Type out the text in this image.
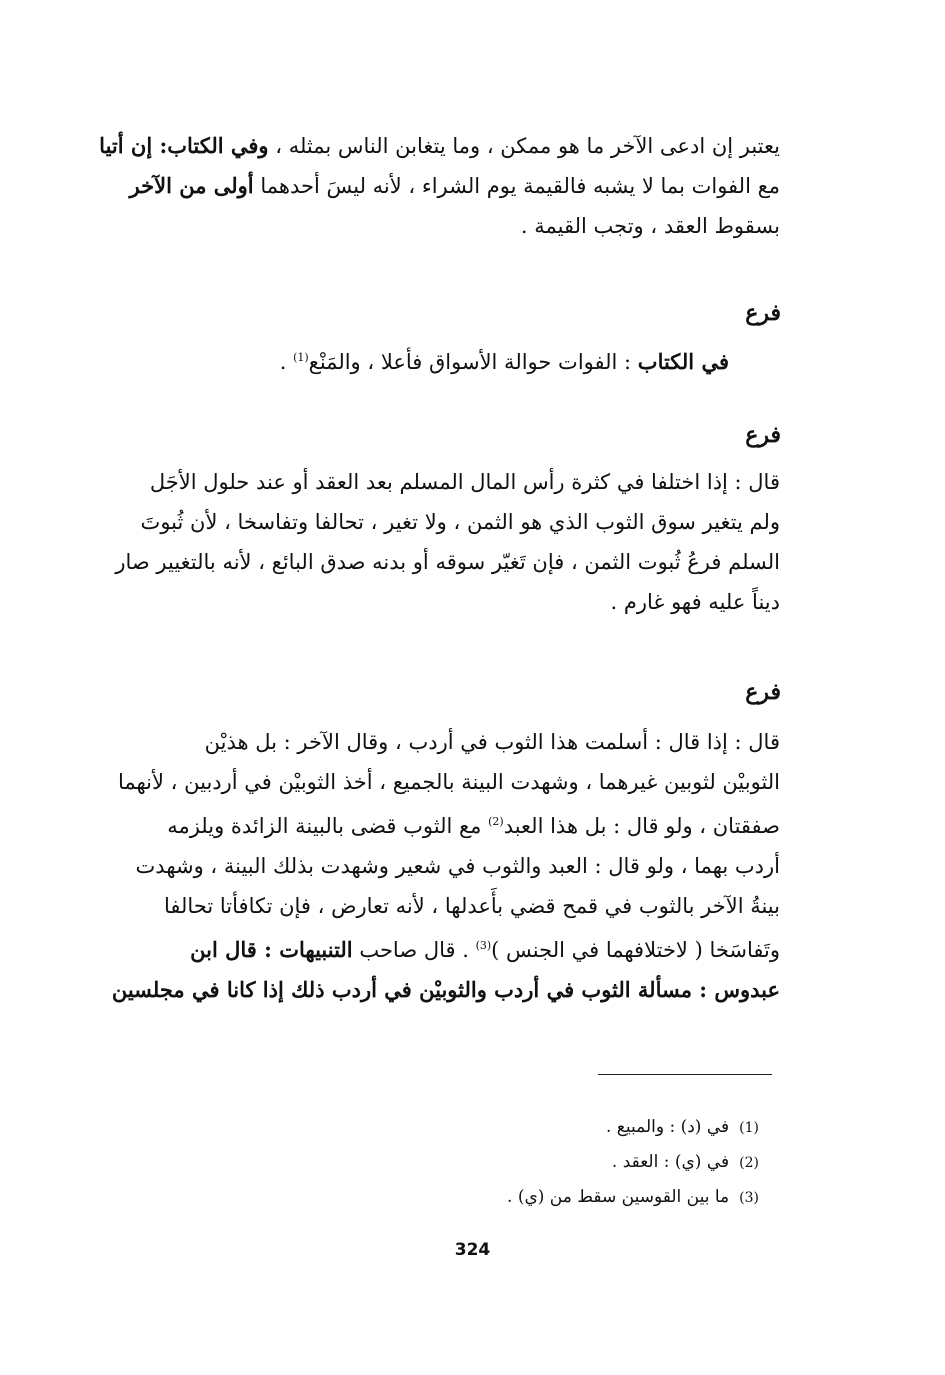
يعتبر إن ادعى الآخر ما هو ممكن ، وما يتغابن الناس بمثله ، وفي الكتاب: إن أتيا
مع الفوات بما لا يشبه فالقيمة يوم الشراء ، لأنه ليسَ أحدهما أولى من الآخر
بسقوط العقد ، وتجب القيمة .
فرع
في الكتاب : الفوات حوالة الأسواق فأعلا ، والمَنْع$^{(1)}$ .
فرع
قال : إذا اختلفا في كثرة رأس المال المسلم بعد العقد أو عند حلول الأجَل
ولم يتغير سوق الثوب الذي هو الثمن ، ولا تغير ، تحالفا وتفاسخا ، لأن ثُبوتَ
السلم فرعُ ثُبوت الثمن ، فإن تَغيّر سوقه أو بدنه صدق البائع ، لأنه بالتغيير صار
ديناً عليه فهو غارم .
فرع
قال : إذا قال : أسلمت هذا الثوب في أردب ، وقال الآخر : بل هذيْن
الثوبيْن لثوبين غيرهما ، وشهدت البينة بالجميع ، أخذ الثوبيْن في أردبين ، لأنهما
صفقتان ، ولو قال : بل هذا العبد$^{(2)}$ مع الثوب قضى بالبينة الزائدة ويلزمه
أردب بهما ، ولو قال : العبد والثوب في شعير وشهدت بذلك البينة ، وشهدت
بينةُ الآخر بالثوب في قمح قضي بأَعدلها ، لأنه تعارض ، فإن تكافأتا تحالفا
وتَفاسَخا ( لاختلافهما في الجنس )$^{(3)}$ . قال صاحب التنبيهات : قال ابن
عبدوس : مسألة الثوب في أردب والثوبيْن في أردب ذلك إذا كانا في مجلسين
(1)في (د) : والمبيع .
(2)في (ي) : العقد .
(3)ما بين القوسين سقط من (ي) .
324
